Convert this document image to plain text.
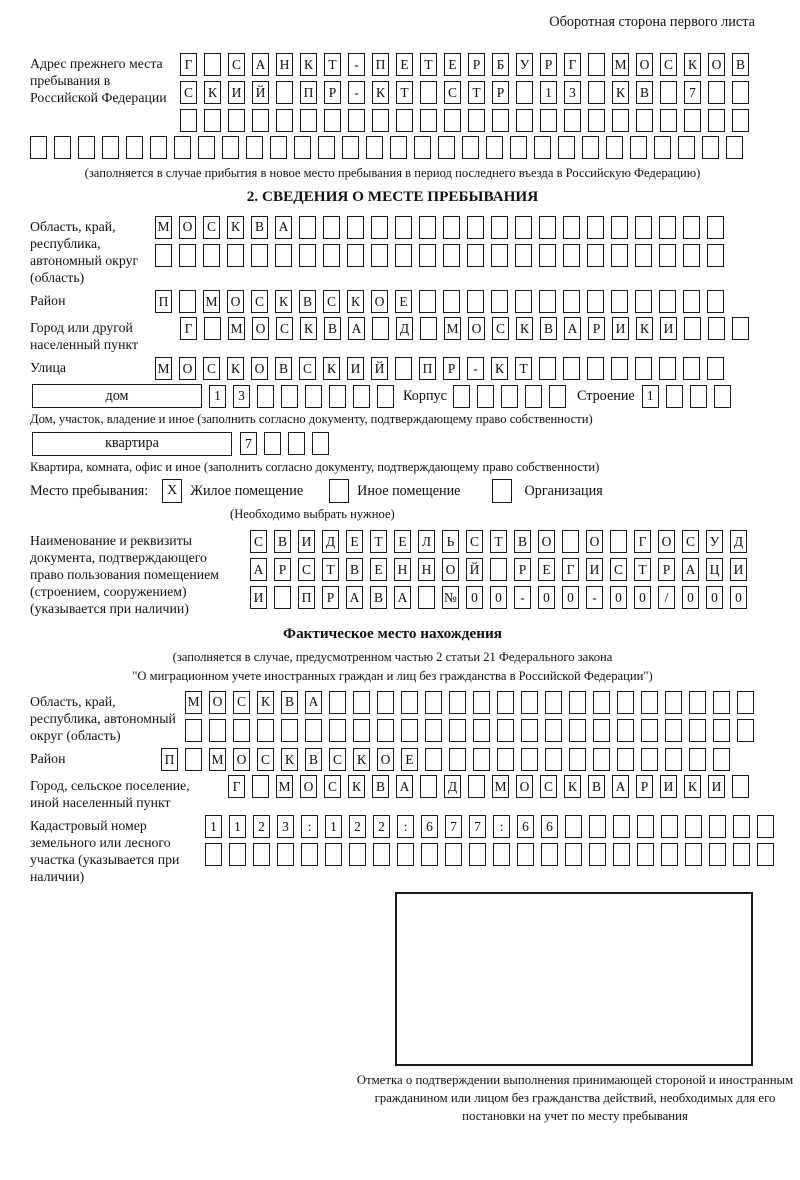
Оборотная сторона первого листа
Адрес прежнего места пребывания в Российской Федерации
Г	С А Н К	Т	-	П	Е	Т	Е	Р	Б	У	Р	Г	М О С К О В
С К И Й	П	Р	-	К	Т	С	Т	Р	1	3	К В	7
(заполняется в случае прибытия в новое место пребывания в период последнего въезда в Российскую Федерацию)
2. СВЕДЕНИЯ О МЕСТЕ ПРЕБЫВАНИЯ
Область, край, республика, автономный округ (область)
М О С К В А
Район	П	М О С К В С К О	Е
Город или другой населенный пункт
Г	М О С К В А	Д	М О С К В А	Р	И К И
Улица	М О С К О В С К И Й	П	Р	-	К	Т
дом	1	3	Корпус	Строение 1
Дом, участок, владение и иное (заполнить согласно документу, подтверждающему право собственности)
квартира	7
Квартира, комната, офис и иное (заполнить согласно документу, подтверждающему право собственности)
Место пребывания:	X Жилое помещение	Иное помещение	Организация
(Необходимо выбрать нужное)
Наименование и реквизиты документа, подтверждающего право пользования помещением (строением, сооружением) (указывается при наличии)
С В И Д	Е	Т	Е	Л	Ь	С	Т	В О	О	Г	О С У Д
А	Р	С	Т	В	Е	Н Н О Й	Р	Е	Г	И С	Т	Р	А Ц И
И	П	Р	А В А	№	0	0	-	0	0	-	0	0	/	0	0	0
Фактическое место нахождения
(заполняется в случае, предусмотренном частью 2 статьи 21 Федерального закона
"О миграционном учете иностранных граждан и лиц без гражданства в Российской Федерации")
Область, край, республика, автономный округ (область)
М О С К В А
Район	П	М О С К В С К О	Е
Город, сельское поселение, иной населенный пункт
Г	М О С К В А	Д	М О С К В А	Р	И К И
Кадастровый номер земельного или лесного участка (указывается при наличии)
1	1	2	3	:	1	2	2	:	6	7	7	:	6	6
Отметка о подтверждении выполнения принимающей стороной и иностранным гражданином или лицом без гражданства действий, необходимых для его постановки на учет по месту пребывания
